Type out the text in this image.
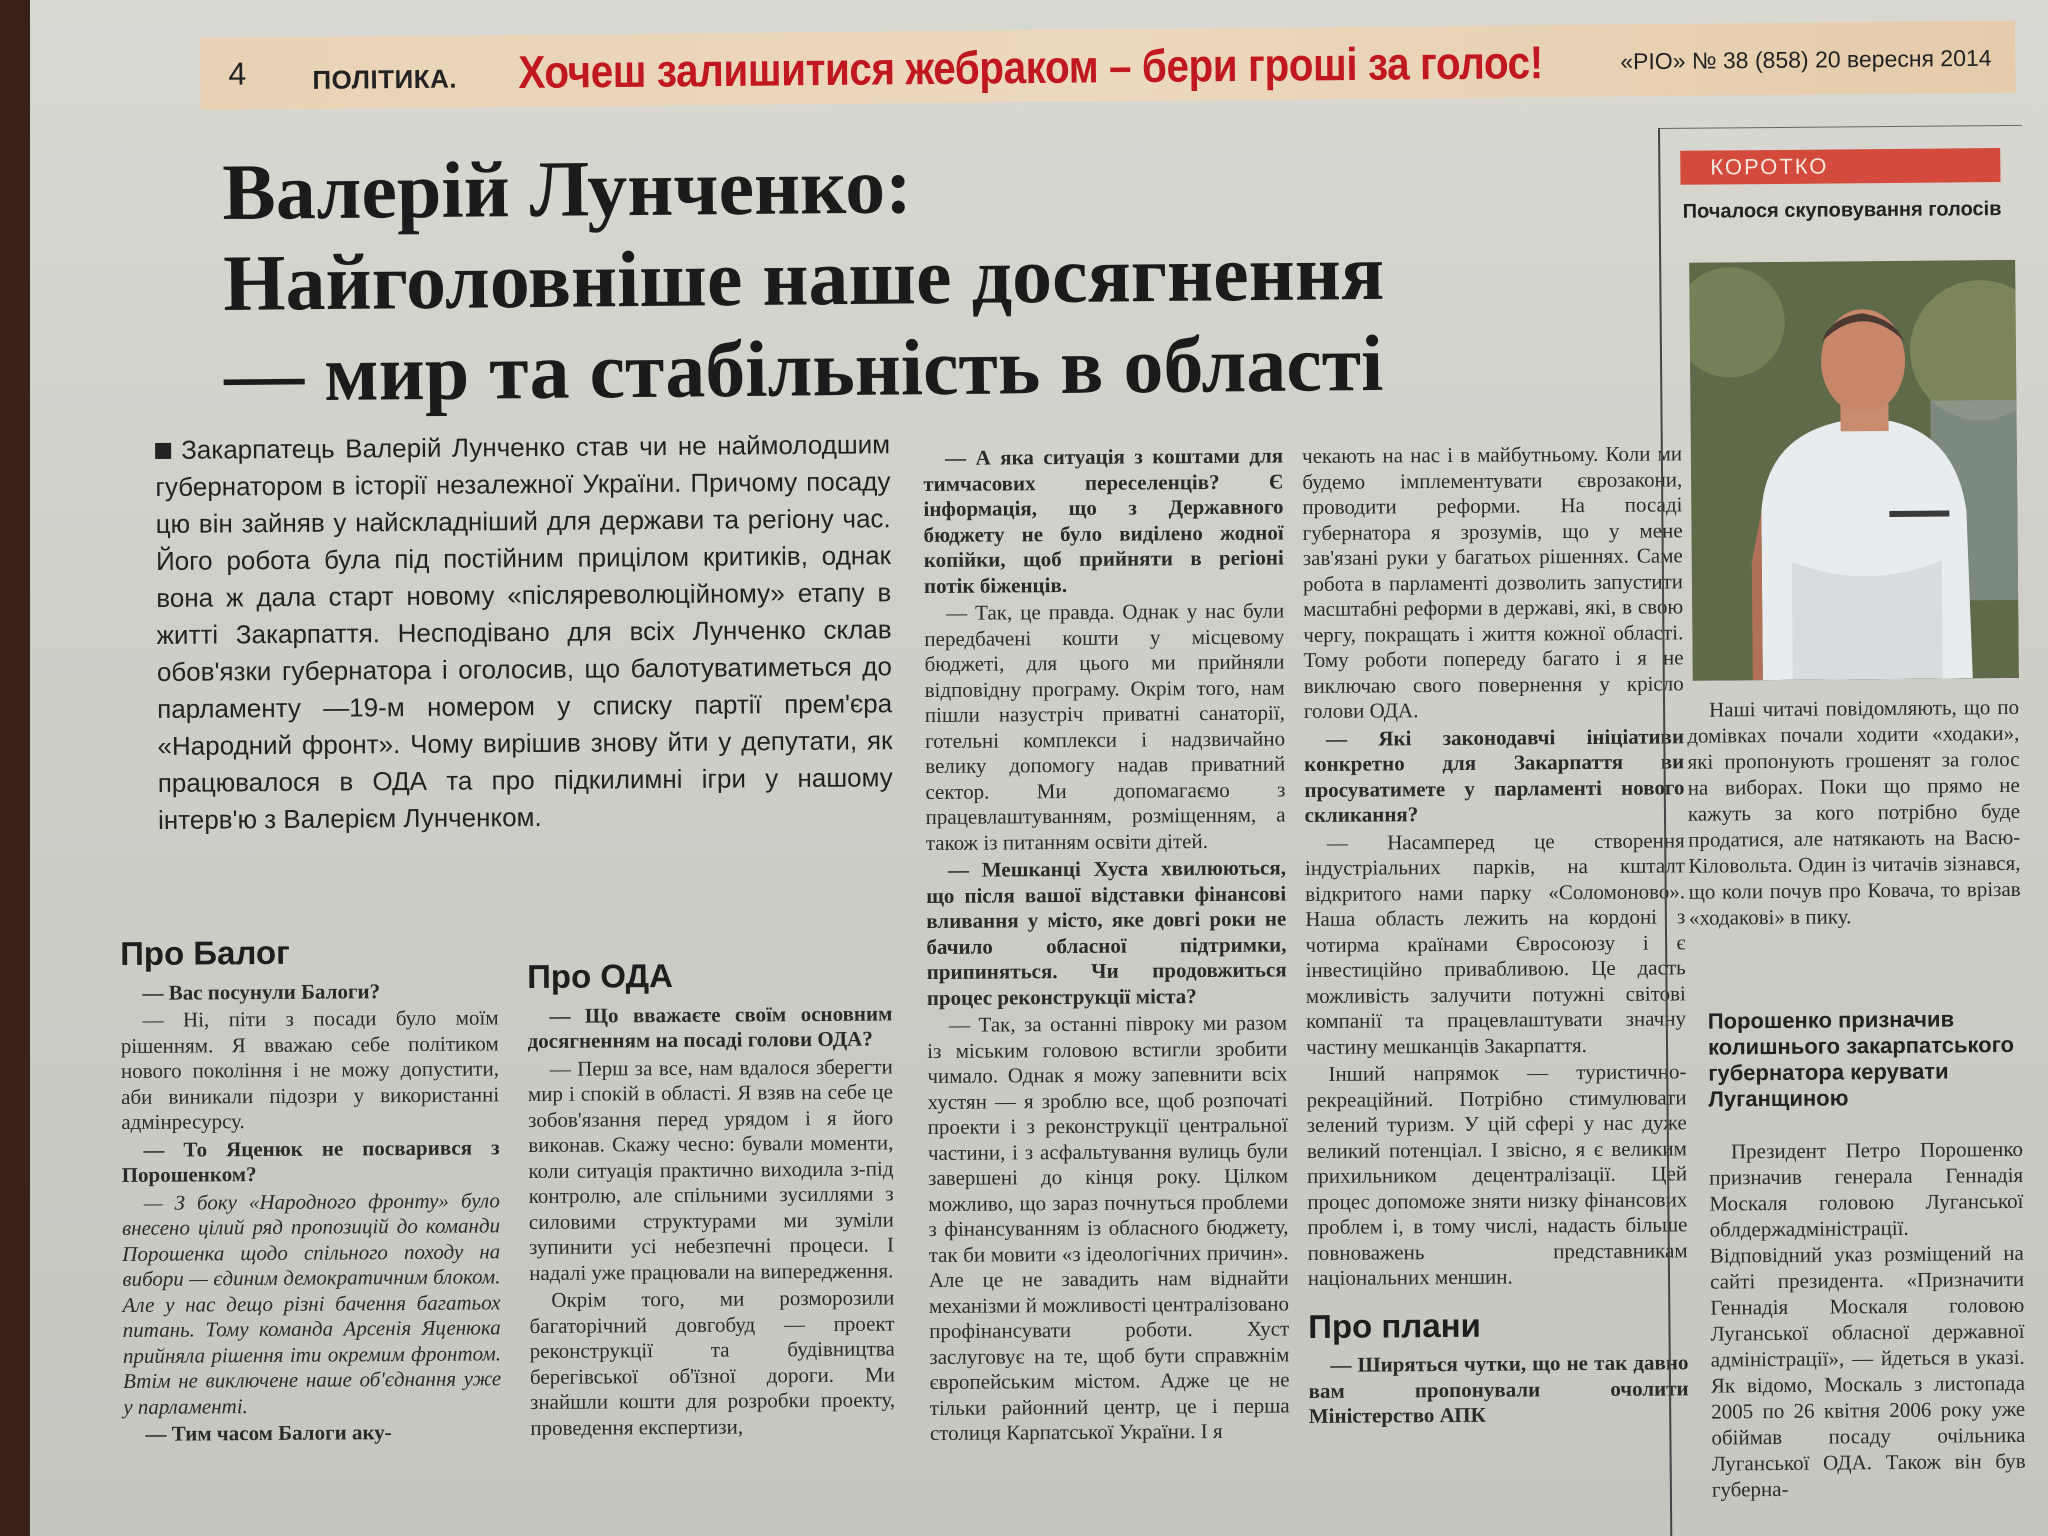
4	ПОЛІТИКА. Хочеш залишитися жебраком – бери гроші за голос!	«РІО» № 38 (858) 20 вересня 2014
Валерій Лунченко:
Найголовніше наше досягнення
— мир та стабільність в області
Закарпатець Валерій Лунченко став чи не наймолодшим губернатором в історії незалежної України. Причому посаду цю він зайняв у найскладніший для держави та регіону час. Його робота була під постійним прицілом критиків, однак вона ж дала старт новому «післяреволюційному» етапу в житті Закарпаття. Несподівано для всіх Лунченко склав обов'язки губернатора і оголосив, що балотуватиметься до парламенту —19-м номером у списку партії прем'єра «Народний фронт». Чому вирішив знову йти у депутати, як працювалося в ОДА та про підкилимні ігри у нашому інтерв'ю з Валерієм Лунченком.
Про Балог

— Вас посунули Балоги?

— Ні, піти з посади було моїм рішенням. Я вважаю себе політиком нового покоління і не можу допустити, аби виникали підозри у використанні адмінресурсу.

— То Яценюк не посварився з Порошенком?

— З боку «Народного фронту» було внесено цілий ряд пропозицій до команди Порошенка щодо спільного походу на вибори — єдиним демократичним блоком. Але у нас дещо різні бачення багатьох питань. Тому команда Арсенія Яценюка прийняла рішення іти окремим фронтом. Втім не виключене наше об'єднання уже у парламенті.

— Тим часом Балоги аку-

Про ОДА

— Що вважаєте своїм основним досягненням на посаді голови ОДА?

— Перш за все, нам вдалося зберегти мир і спокій в області. Я взяв на себе це зобов'язання перед урядом і я його виконав. Скажу чесно: бували моменти, коли ситуація практично виходила з-під контролю, але спільними зусиллями з силовими структурами ми зуміли зупинити усі небезпечні процеси. І надалі уже працювали на випередження.

Окрім того, ми розморозили багаторічний довгобуд — проект реконструкції та будівництва берегівської об'їзної дороги. Ми знайшли кошти для розробки проекту, проведення експертизи,

— А яка ситуація з коштами для тимчасових переселенців? Є інформація, що з Державного бюджету не було виділено жодної копійки, щоб прийняти в регіоні потік біженців.

— Так, це правда. Однак у нас були передбачені кошти у місцевому бюджеті, для цього ми прийняли відповідну програму. Окрім того, нам пішли назустріч приватні санаторії, готельні комплекси і надзвичайно велику допомогу надав приватний сектор. Ми допомагаємо з працевлаштуванням, розміщенням, а також із питанням освіти дітей.

— Мешканці Хуста хвилюються, що після вашої відставки фінансові вливання у місто, яке довгі роки не бачило обласної підтримки, припиняться. Чи продовжиться процес реконструкції міста?

— Так, за останні півроку ми разом із міським головою встигли зробити чимало. Однак я можу запевнити всіх хустян — я зроблю все, щоб розпочаті проекти і з реконструкції центральної частини, і з асфальтування вулиць були завершені до кінця року. Цілком можливо, що зараз почнуться проблеми з фінансуванням із обласного бюджету, так би мовити «з ідеологічних причин». Але це не завадить нам віднайти механізми й можливості централізовано профінансувати роботи. Хуст заслуговує на те, щоб бути справжнім європейським містом. Адже це не тільки районний центр, це і перша столиця Карпатської України. І я

чекають на нас і в майбутньому. Коли ми будемо імплементувати єврозакони, проводити реформи. На посаді губернатора я зрозумів, що у мене зав'язані руки у багатьох рішеннях. Саме робота в парламенті дозволить запустити масштабні реформи в державі, які, в свою чергу, покращать і життя кожної області. Тому роботи попереду багато і я не виключаю свого повернення у крісло голови ОДА.

— Які законодавчі ініціативи конкретно для Закарпаття ви просуватимете у парламенті нового скликання?

— Насамперед це створення індустріальних парків, на кшталт відкритого нами парку «Соломоново». Наша область лежить на кордоні з чотирма країнами Євросоюзу і є інвестиційно привабливою. Це дасть можливість залучити потужні світові компанії та працевлаштувати значну частину мешканців Закарпаття.

Інший напрямок — туристично-рекреаційний. Потрібно стимулювати зелений туризм. У цій сфері у нас дуже великий потенціал. І звісно, я є великим прихильником децентралізації. Цей процес допоможе зняти низку фінансових проблем і, в тому числі, надасть більше повноважень представникам національних меншин.

Про плани

— Ширяться чутки, що не так давно вам пропонували очолити Міністерство АПК

КОРОТКО
Почалося скуповування голосів

Наші читачі повідомляють, що по домівках почали ходити «ходаки», які пропонують грошенят за голос на виборах. Поки що прямо не кажуть за кого потрібно буде продатися, але натякають на Васю-Кіловольта. Один із читачів зізнався, що коли почув про Ковача, то врізав «ходакові» в пику.

Порошенко призначив колишнього закарпатського губернатора керувати Луганщиною

Президент Петро Порошенко призначив генерала Геннадія Москаля головою Луганської облдержадміністрації. Відповідний указ розміщений на сайті президента. «Призначити Геннадія Москаля головою Луганської обласної державної адміністрації», — йдеться в указі. Як відомо, Москаль з листопада 2005 по 26 квітня 2006 року уже обіймав посаду очільника Луганської ОДА. Також він був губерна-
